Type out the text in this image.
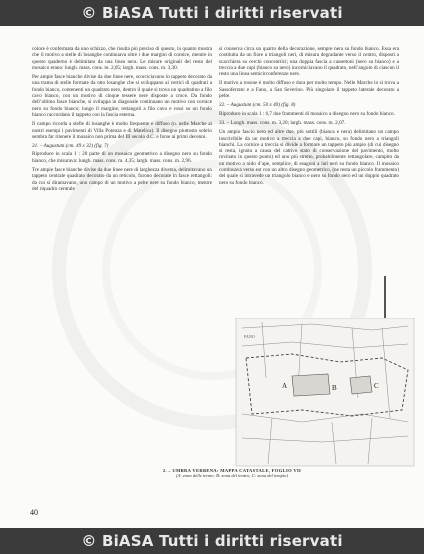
© BiASA Tutti i diritti riservati

colore è confermata da uno schizzo, che risulta più preciso di questo, in quanto mostra che il motivo a stelle di losanghe continuava oltre i due margini di cornice, mentre in questo quaderno è delimitato da una linea nera. Le misure originali del resto del mosaico erano: lungh. mass. cons. m. 2,05; largh. mass. cons. m. 3,30.

Per ampie fasce bianche divise da due linee nere, scorciciavano in tappeto decorato da una trama di stelle formate da otto losanghe che si sviluppano ai vertici di quadrati a fondo bianco, contenenti un quadrato nero, dentro il quale si trova un quadratino a filo cavo bianco, con un motivo di cinque tessere nere disposte a croce. Da fondo dell’ultimo fasce bianche, si sviluppa in diagonale continuano un motivo con cornice nero su fondo bianco; lungo il margine, rettangoli a filo cavo e rossi su un fondo bianco raccordano il tappeto con la fascia esterna.

Il campo ricorda a stelle di losanghe è molto frequente e diffuso (n. nelle Marche ai nostri esempi i pavimenti di Villa Potenza e di Matelica). Il disegno piuttosto sobrio sembra far ritenere il mosaico non prima del III secolo d.C. e forse ai primi decenni.

31. – Augustum (cm. 49 x 32) (fig. 7)

Riproduce in scala 1 : 20 parte di un mosaico geometrico a disegno nero su fondo bianco, che misurava: lungh. mass. cons. m. 4,35; largh. mass. cons. m. 2,96.

Tre ampie fasce bianche divise da due linee nere di larghezza diversa, delimitavano un tappeto centrale quadrato decorato da un reticolo, furono decorate in fasce rettangoli: da cui si diramavano, uno campo di un motivo a pelte nere su fondo bianco, mentre del riquadro centrale

si conserva circa un quarto della decorazione, sempre nera su fondo bianco. Essa era costituita da un fiore a triangoli neri, di misura degradante verso il centro, disposti a scacchiera su cerchi concentrici; una doppia fascia a cassettoni (nero su bianco) e a treccia a due capi (bianco su nero) incorniciavano il quadrato, nell’angolo di ciascun il resto una linea semicirconferenze nere.

Il motivo a rosone è molto diffuso e dura per molto tempo. Nelle Marche lo si trova a Sassoferrato e a Fano, a San Severino. Più singolare il tappeto laterale decorato a pelte.

32. – Augustum (cm. 50 x 40) (fig. 8)

Riproduce in scala 1 : 6,7 due frammenti di mosaico a disegno nero su fondo bianco.

33. – Lungh. mass. cons. m. 3,20; largh. mass. cons. m. 2,07.

Un ampio fascio nero ed altre due, più sottili (bianca e nera) delimitano un campo inscrivibile da un motivo a treccia a due capi, bianco, su fondo nero a triangoli bianchi. La cornice a treccia si divide a formare un tappeto più ampio (di cui disegno si resta, ignota a causa del cattivo stato di conservazione del pavimento, molto rovinato in questo punto) ed uno più stretto, probabilmente rettangolare, campito da un motivo a nido d’ape, semplice, di esagoni a lati neri su fondo bianco. Il mosaico continuava verso est con un altro disegno geometrico, (ne resta un piccolo frammento) del quale si intravede un triangolo bianco e nero su fondo nero ed un doppio quadrato nero su fondo bianco.

A	B	C
FANO
2. – UMBRA VERBENA: MAPPA CATASTALE, FOGLIO VII
(A: zona delle terme; B: zona del teatro; C: zona del tempio)
40
© BiASA Tutti i diritti riservati
